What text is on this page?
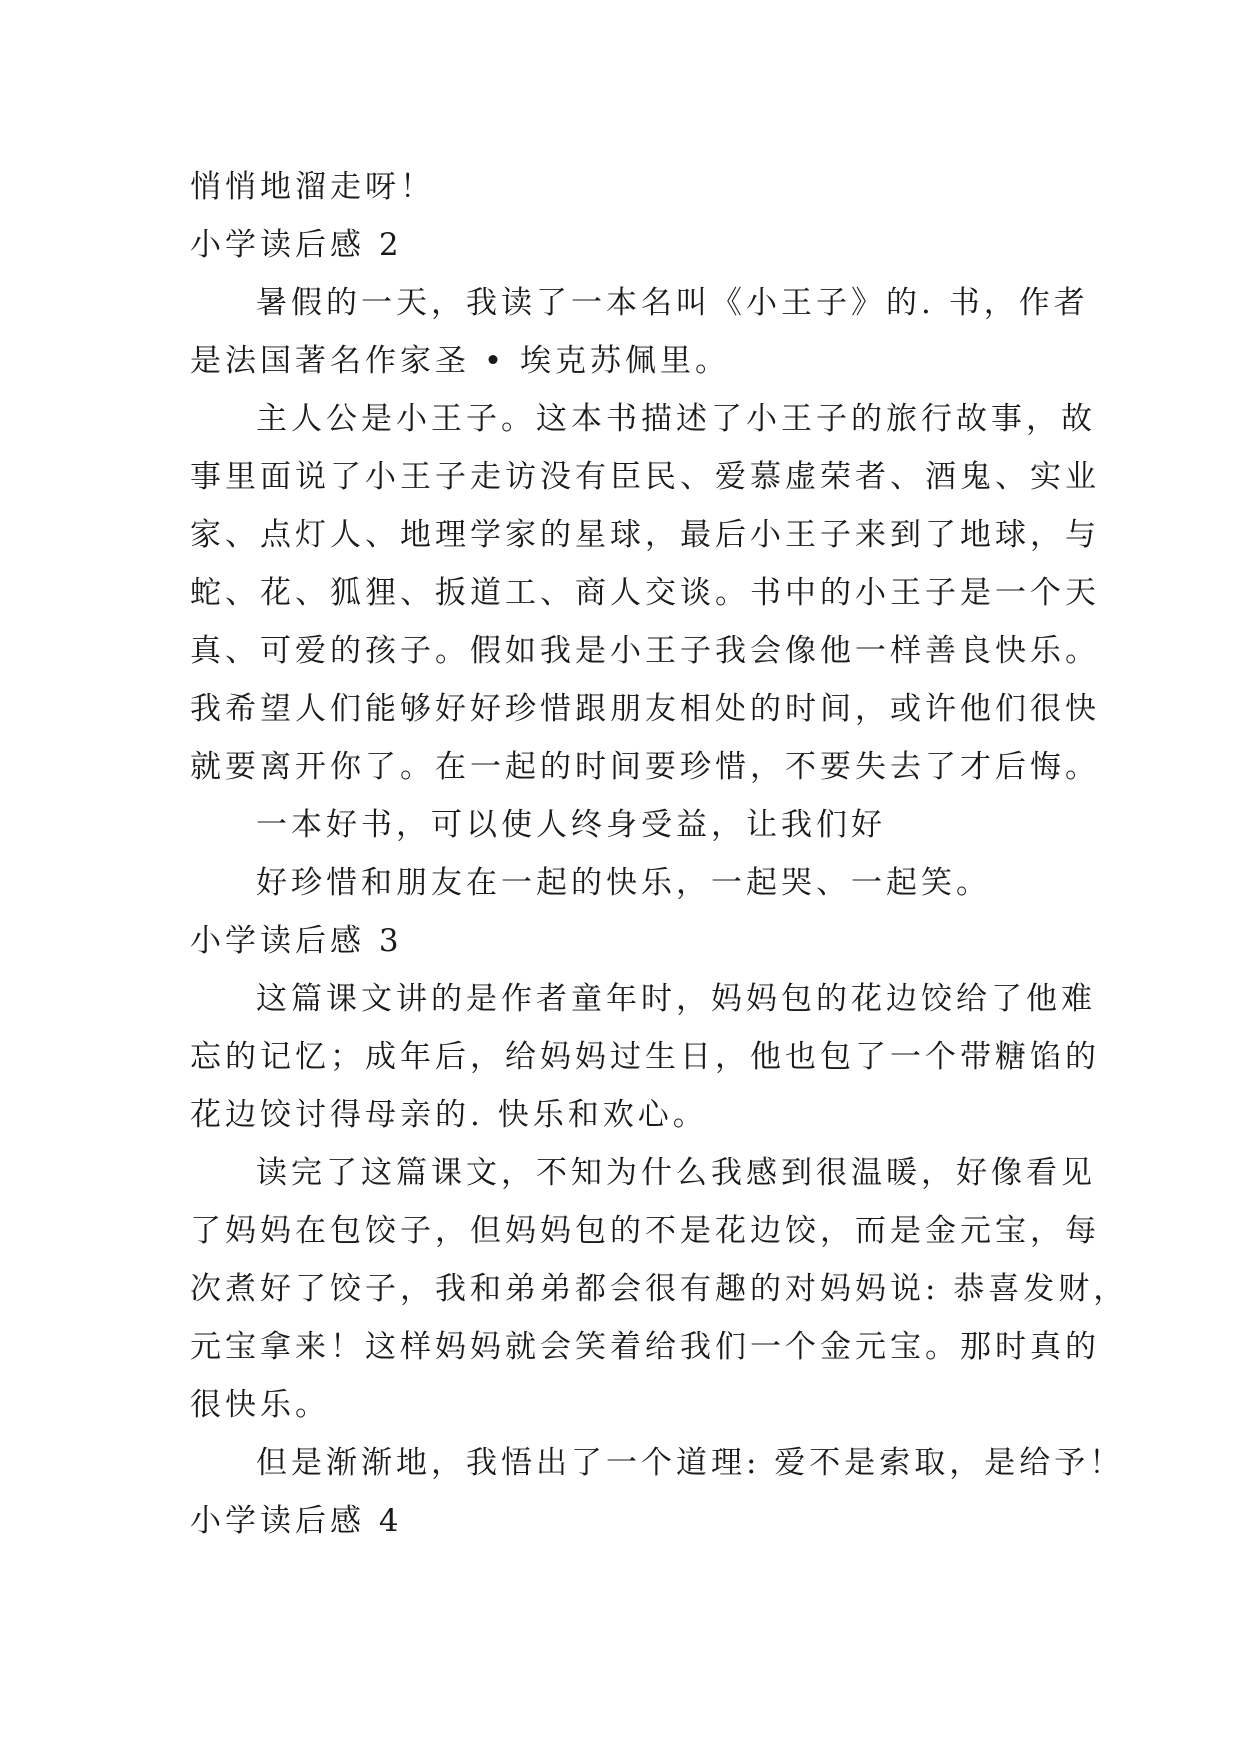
悄悄地溜走呀！
小学读后感 2
暑假的一天，我读了一本名叫《小王子》的. 书，作者
是法国著名作家圣 • 埃克苏佩里。
主人公是小王子。这本书描述了小王子的旅行故事，故
事里面说了小王子走访没有臣民、爱慕虚荣者、酒鬼、实业
家、点灯人、地理学家的星球，最后小王子来到了地球，与
蛇、花、狐狸、扳道工、商人交谈。书中的小王子是一个天
真、可爱的孩子。假如我是小王子我会像他一样善良快乐。
我希望人们能够好好珍惜跟朋友相处的时间，或许他们很快
就要离开你了。在一起的时间要珍惜，不要失去了才后悔。
一本好书，可以使人终身受益，让我们好
好珍惜和朋友在一起的快乐，一起哭、一起笑。
小学读后感 3
这篇课文讲的是作者童年时，妈妈包的花边饺给了他难
忘的记忆；成年后，给妈妈过生日，他也包了一个带糖馅的
花边饺讨得母亲的. 快乐和欢心。
读完了这篇课文，不知为什么我感到很温暖，好像看见
了妈妈在包饺子，但妈妈包的不是花边饺，而是金元宝，每
次煮好了饺子，我和弟弟都会很有趣的对妈妈说: 恭喜发财，
元宝拿来！这样妈妈就会笑着给我们一个金元宝。那时真的
很快乐。
但是渐渐地，我悟出了一个道理: 爱不是索取，是给予！
小学读后感 4
